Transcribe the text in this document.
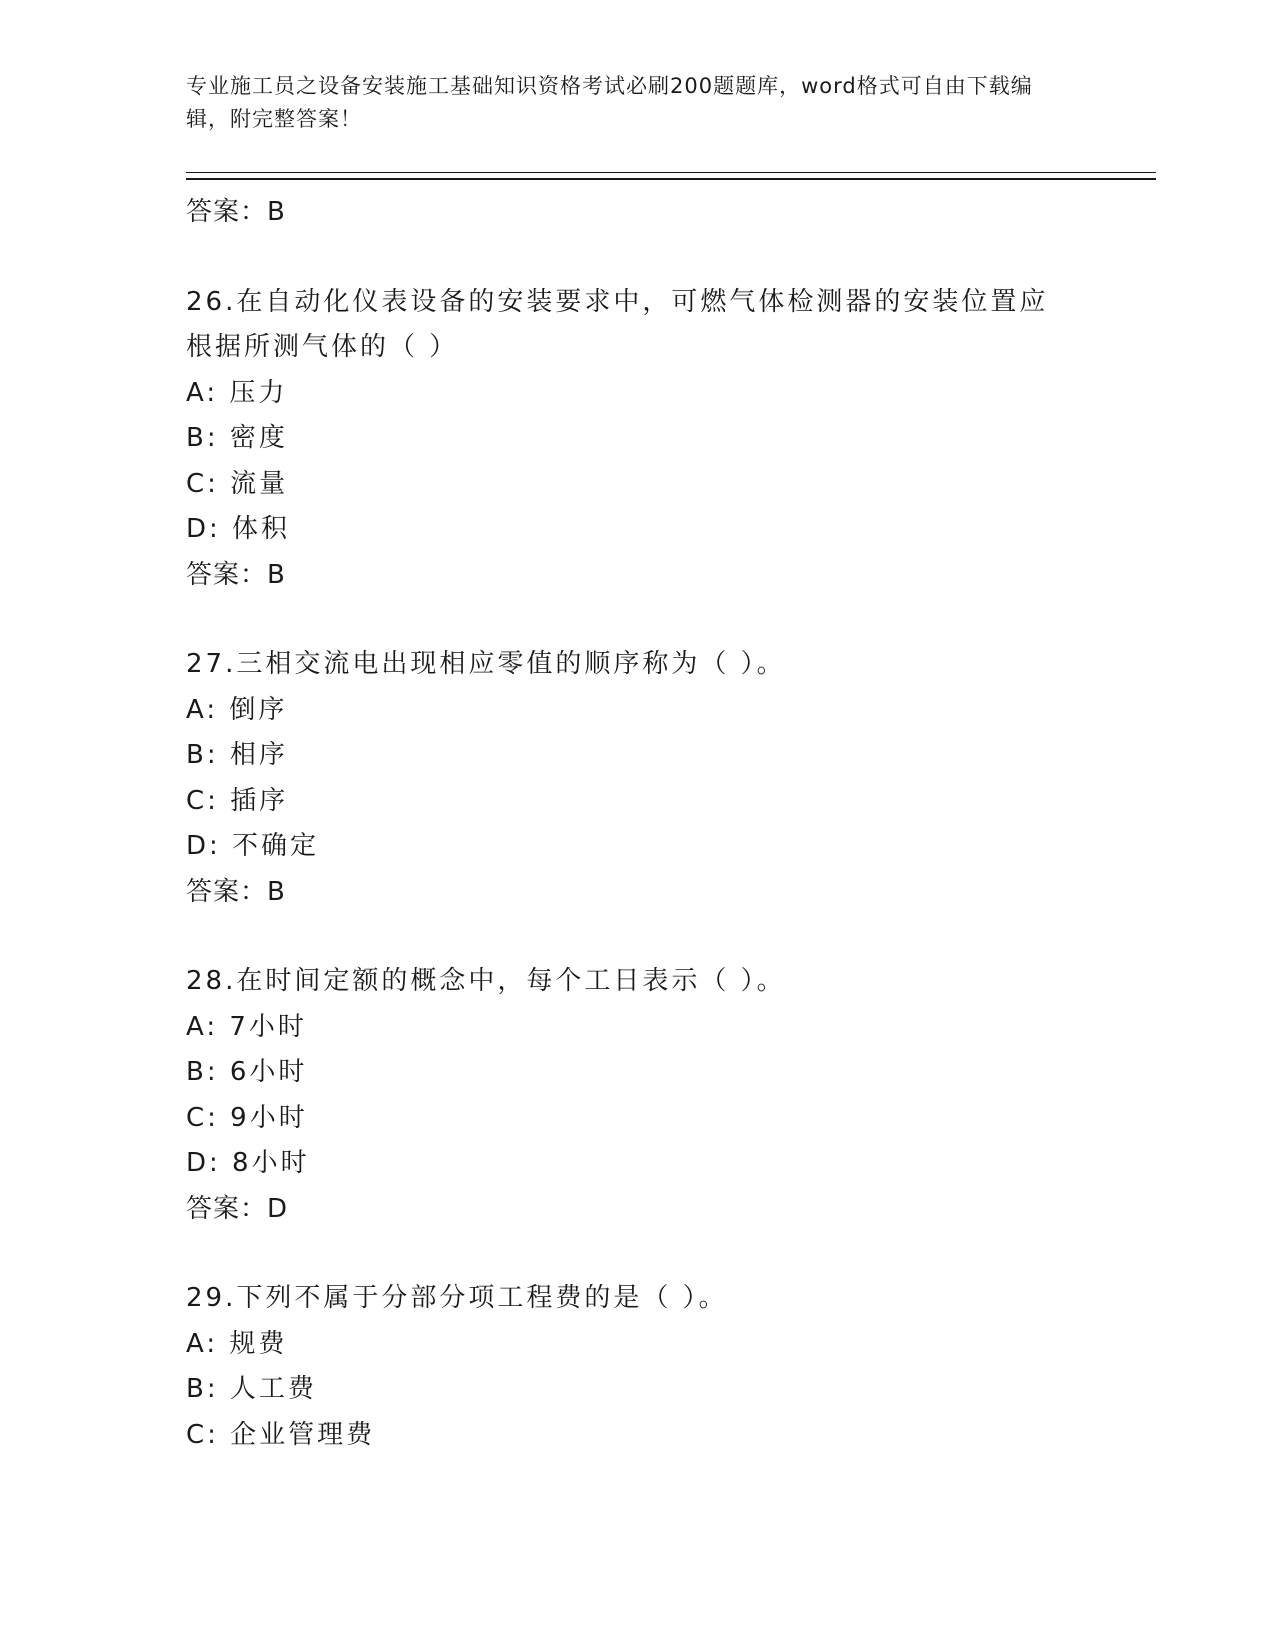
专业施工员之设备安装施工基础知识资格考试必刷200题题库，word格式可自由下载编辑，附完整答案！
答案：B
26.在自动化仪表设备的安装要求中，可燃气体检测器的安装位置应根据所测气体的（ ）
A: 压力
B: 密度
C: 流量
D: 体积
答案：B
27.三相交流电出现相应零值的顺序称为（ ）。
A: 倒序
B: 相序
C: 插序
D: 不确定
答案：B
28.在时间定额的概念中，每个工日表示（ ）。
A: 7小时
B: 6小时
C: 9小时
D: 8小时
答案：D
29.下列不属于分部分项工程费的是（ ）。
A: 规费
B: 人工费
C: 企业管理费
